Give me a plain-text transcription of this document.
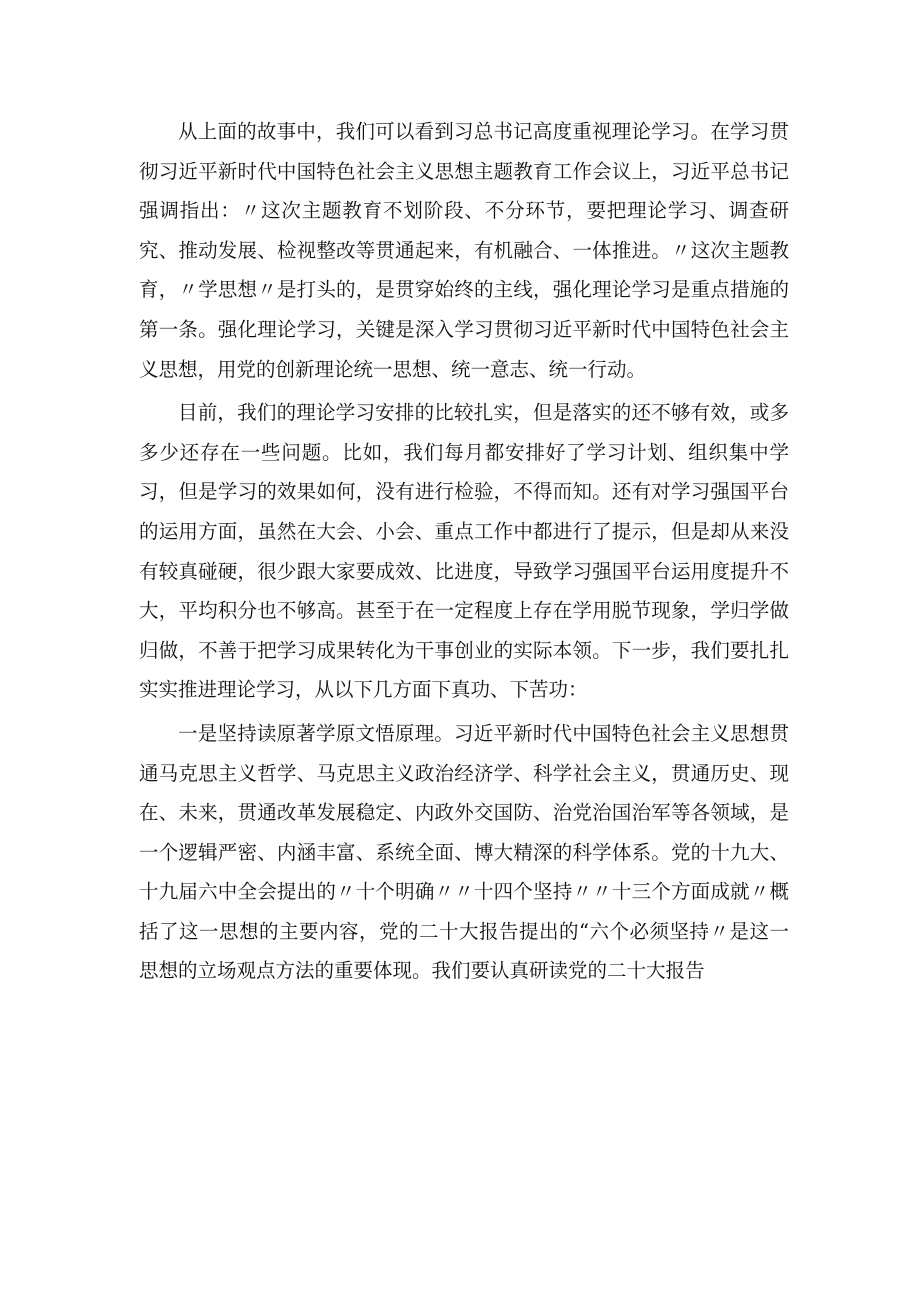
从上面的故事中，我们可以看到习总书记高度重视理论学习。在学习贯彻习近平新时代中国特色社会主义思想主题教育工作会议上，习近平总书记强调指出：〃这次主题教育不划阶段、不分环节，要把理论学习、调查研究、推动发展、检视整改等贯通起来，有机融合、一体推进。〃这次主题教育，〃学思想〃是打头的，是贯穿始终的主线，强化理论学习是重点措施的第一条。强化理论学习，关键是深入学习贯彻习近平新时代中国特色社会主义思想，用党的创新理论统一思想、统一意志、统一行动。

目前，我们的理论学习安排的比较扎实，但是落实的还不够有效，或多多少还存在一些问题。比如，我们每月都安排好了学习计划、组织集中学习，但是学习的效果如何，没有进行检验，不得而知。还有对学习强国平台的运用方面，虽然在大会、小会、重点工作中都进行了提示，但是却从来没有较真碰硬，很少跟大家要成效、比进度，导致学习强国平台运用度提升不大，平均积分也不够高。甚至于在一定程度上存在学用脱节现象，学归学做归做，不善于把学习成果转化为干事创业的实际本领。下一步，我们要扎扎实实推进理论学习，从以下几方面下真功、下苦功：

一是坚持读原著学原文悟原理。习近平新时代中国特色社会主义思想贯通马克思主义哲学、马克思主义政治经济学、科学社会主义，贯通历史、现在、未来，贯通改革发展稳定、内政外交国防、治党治国治军等各领域，是一个逻辑严密、内涵丰富、系统全面、博大精深的科学体系。党的十九大、十九届六中全会提出的〃十个明确〃〃十四个坚持〃〃十三个方面成就〃概括了这一思想的主要内容，党的二十大报告提出的“六个必须坚持〃是这一思想的立场观点方法的重要体现。我们要认真研读党的二十大报告
